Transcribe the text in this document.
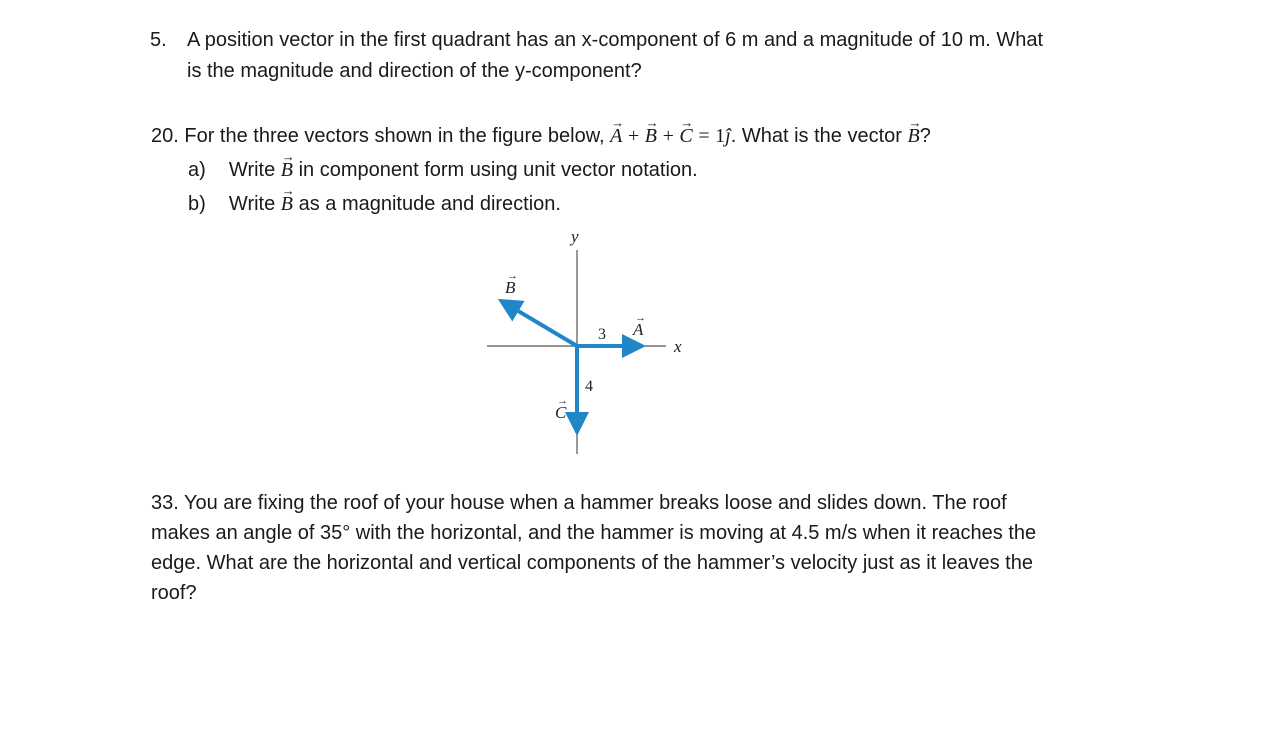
5. A position vector in the first quadrant has an x-component of 6 m and a magnitude of 10 m. What
is the magnitude and direction of the y-component?
20. For the three vectors shown in the figure below, → A + → B + → C = 1ĵ. What is the vector → B?
a) Write → B in component form using unit vector notation.
b) Write → B as a magnitude and direction.
y
x
B
→
A
→
C
→
3
4
33. You are fixing the roof of your house when a hammer breaks loose and slides down. The roof
makes an angle of 35° with the horizontal, and the hammer is moving at 4.5 m/s when it reaches the
edge. What are the horizontal and vertical components of the hammer’s velocity just as it leaves the
roof?
